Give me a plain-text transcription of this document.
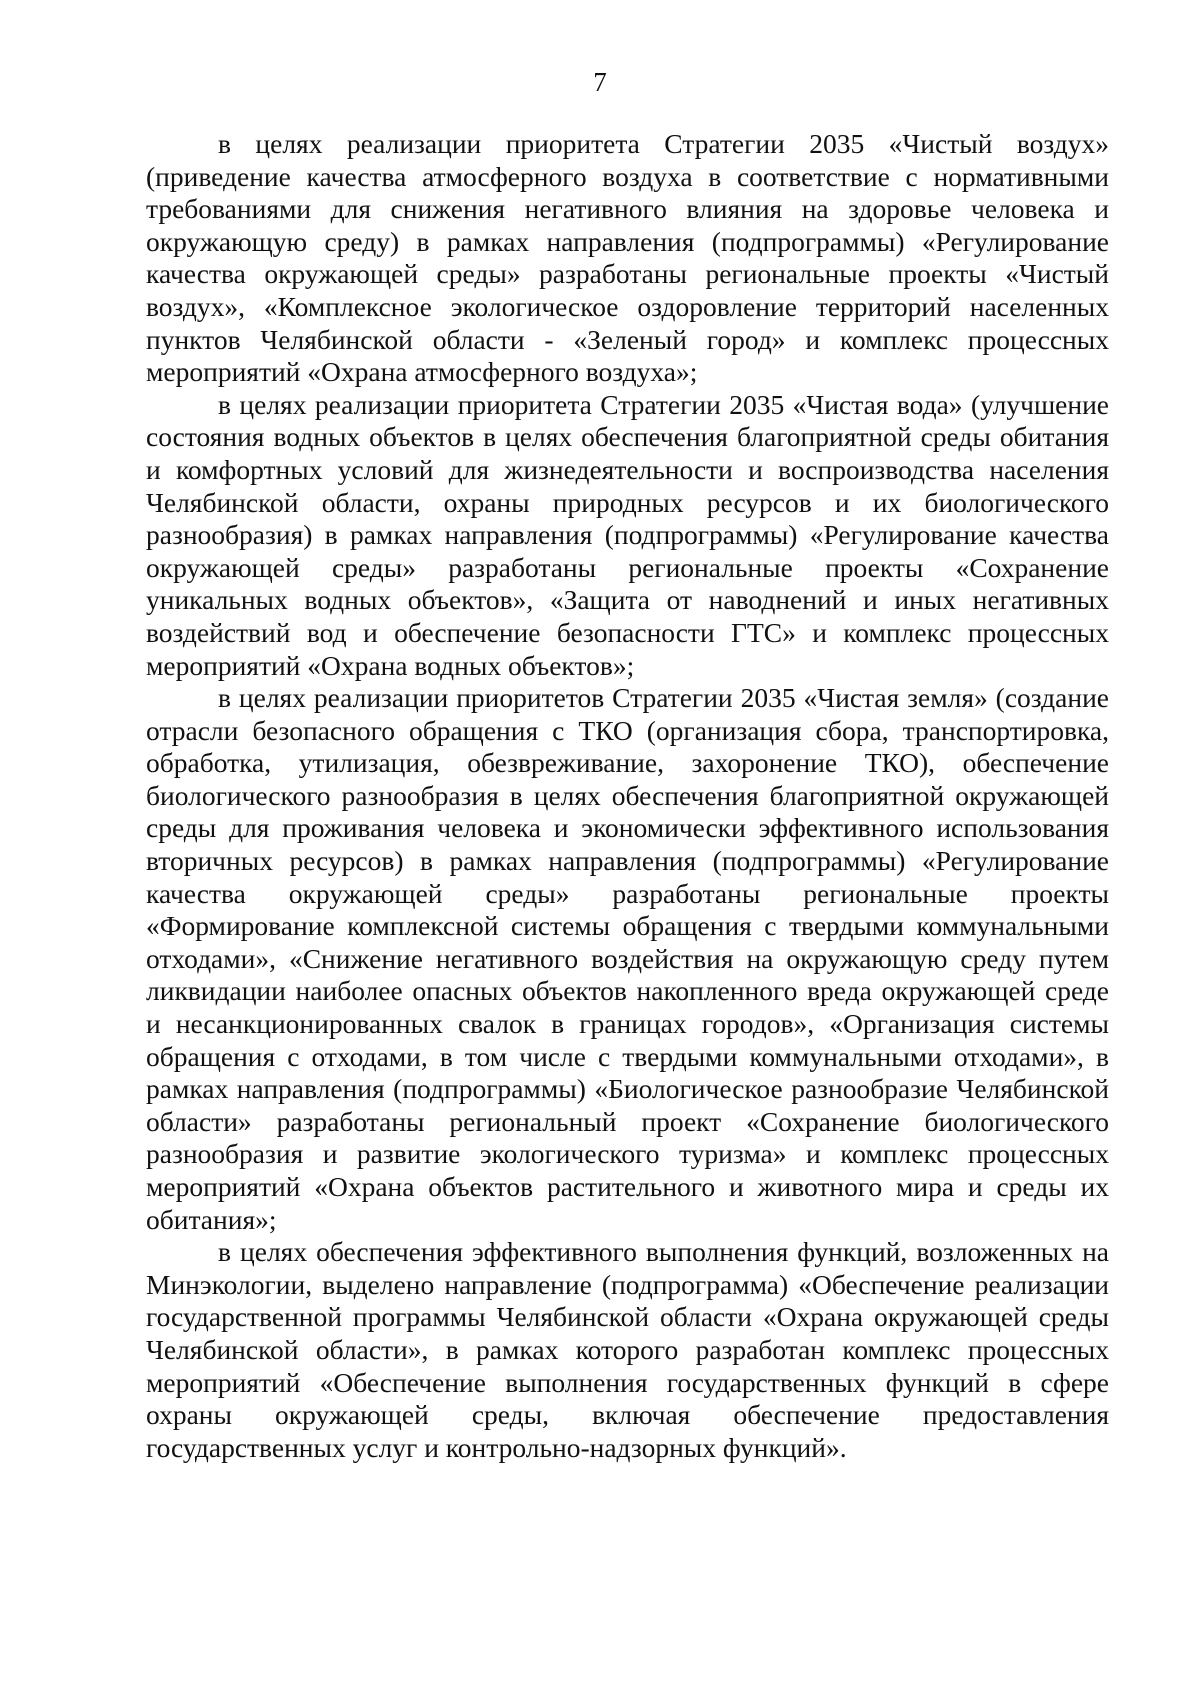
7

в целях реализации приоритета Стратегии 2035 «Чистый воздух» (приведение качества атмосферного воздуха в соответствие с нормативными требованиями для снижения негативного влияния на здоровье человека и окружающую среду) в рамках направления (подпрограммы) «Регулирование качества окружающей среды» разработаны региональные проекты «Чистый воздух», «Комплексное экологическое оздоровление территорий населенных пунктов Челябинской области - «Зеленый город» и комплекс процессных мероприятий «Охрана атмосферного воздуха»;

в целях реализации приоритета Стратегии 2035 «Чистая вода» (улучшение состояния водных объектов в целях обеспечения благоприятной среды обитания и комфортных условий для жизнедеятельности и воспроизводства населения Челябинской области, охраны природных ресурсов и их биологического разнообразия) в рамках направления (подпрограммы) «Регулирование качества окружающей среды» разработаны региональные проекты «Сохранение уникальных водных объектов», «Защита от наводнений и иных негативных воздействий вод и обеспечение безопасности ГТС» и комплекс процессных мероприятий «Охрана водных объектов»;

в целях реализации приоритетов Стратегии 2035 «Чистая земля» (создание отрасли безопасного обращения с ТКО (организация сбора, транспортировка, обработка, утилизация, обезвреживание, захоронение ТКО), обеспечение биологического разнообразия в целях обеспечения благоприятной окружающей среды для проживания человека и экономически эффективного использования вторичных ресурсов) в рамках направления (подпрограммы) «Регулирование качества окружающей среды» разработаны региональные проекты «Формирование комплексной системы обращения с твердыми коммунальными отходами», «Снижение негативного воздействия на окружающую среду путем ликвидации наиболее опасных объектов накопленного вреда окружающей среде и несанкционированных свалок в границах городов», «Организация системы обращения с отходами, в том числе с твердыми коммунальными отходами», в рамках направления (подпрограммы) «Биологическое разнообразие Челябинской области» разработаны региональный проект «Сохранение биологического разнообразия и развитие экологического туризма» и комплекс процессных мероприятий «Охрана объектов растительного и животного мира и среды их обитания»;

в целях обеспечения эффективного выполнения функций, возложенных на Минэкологии, выделено направление (подпрограмма) «Обеспечение реализации государственной программы Челябинской области «Охрана окружающей среды Челябинской области», в рамках которого разработан комплекс процессных мероприятий «Обеспечение выполнения государственных функций в сфере охраны окружающей среды, включая обеспечение предоставления государственных услуг и контрольно-надзорных функций».
